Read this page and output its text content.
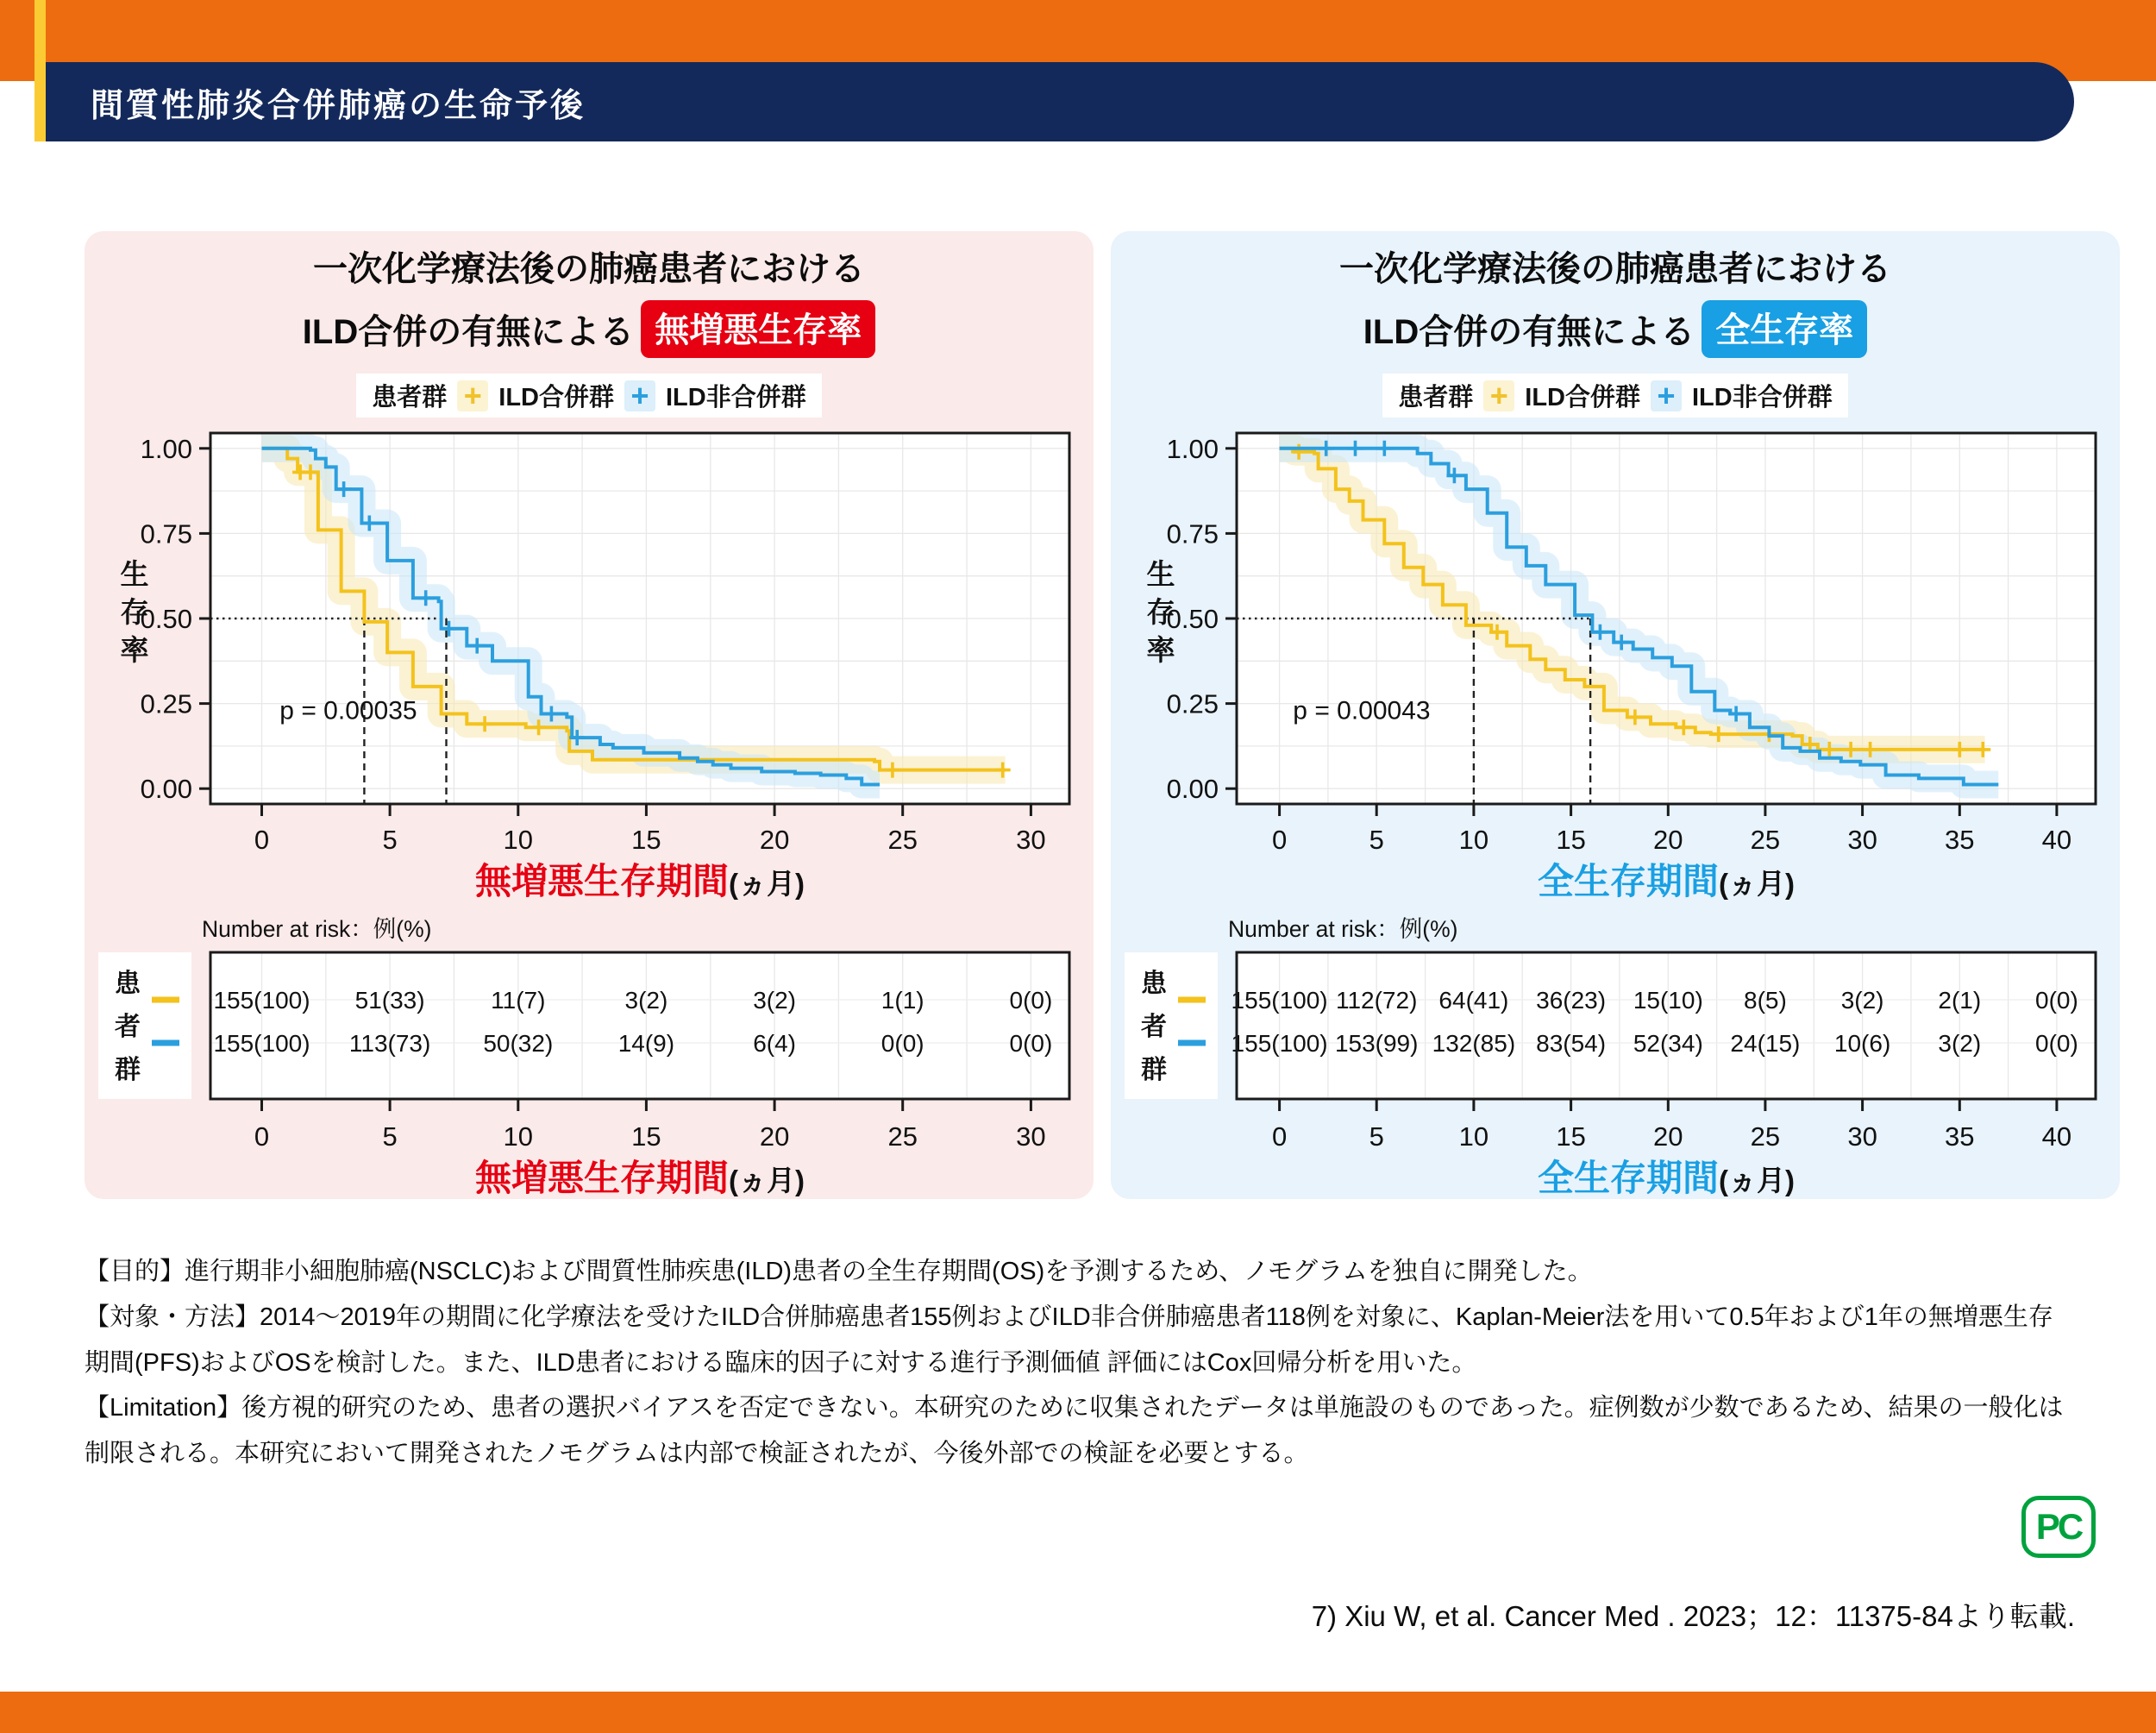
間質性肺炎合併肺癌の生命予後
一次化学療法後の肺癌患者における
ILD合併の有無による 無増悪生存率
患者群 + ILD合併群 + ILD非合併群
p = 0.00035
0.00
0.25
0.50
0.75
1.00
生
存
率
0	5	10	15	20	25	30
無増悪生存期間(ヵ月)
Number at risk：例(%)
155(100) 51(33)	11(7)	3(2)	3(2)	1(1)	0(0)
155(100) 113(73) 50(32)	14(9)	6(4)	0(0)	0(0)
患
者
群
0	5	10	15	20	25	30
無増悪生存期間(ヵ月)
一次化学療法後の肺癌患者における
ILD合併の有無による 全生存率
患者群 + ILD合併群 + ILD非合併群
p = 0.00043
0.00
0.25
0.50
0.75
1.00
生
存
率
0	5	10	15	20	25	30	35	40
全生存期間(ヵ月)
Number at risk：例(%)
155(100) 112(72) 64(41) 36(23) 15(10) 8(5) 3(2) 2(1) 0(0)
155(100) 153(99) 132(85) 83(54) 52(34) 24(15) 10(6) 3(2) 0(0)
患
者
群
0	5	10	15	20	25	30	35	40
全生存期間(ヵ月)

【目的】進行期非小細胞肺癌(NSCLC)および間質性肺疾患(ILD)患者の全生存期間(OS)を予測するため、ノモグラムを独自に開発した。

【対象・方法】2014～2019年の期間に化学療法を受けたILD合併肺癌患者155例およびILD非合併肺癌患者118例を対象に、Kaplan-Meier法を用いて0.5年および1年の無増悪生存期間(PFS)およびOSを検討した。また、ILD患者における臨床的因子に対する進行予測価値 評価にはCox回帰分析を用いた。

【Limitation】後方視的研究のため、患者の選択バイアスを否定できない。本研究のために収集されたデータは単施設のものであった。症例数が少数であるため、結果の一般化は制限される。本研究において開発されたノモグラムは内部で検証されたが、今後外部での検証を必要とする。

PC
7) Xiu W, et al. Cancer Med . 2023；12：11375-84より転載.
